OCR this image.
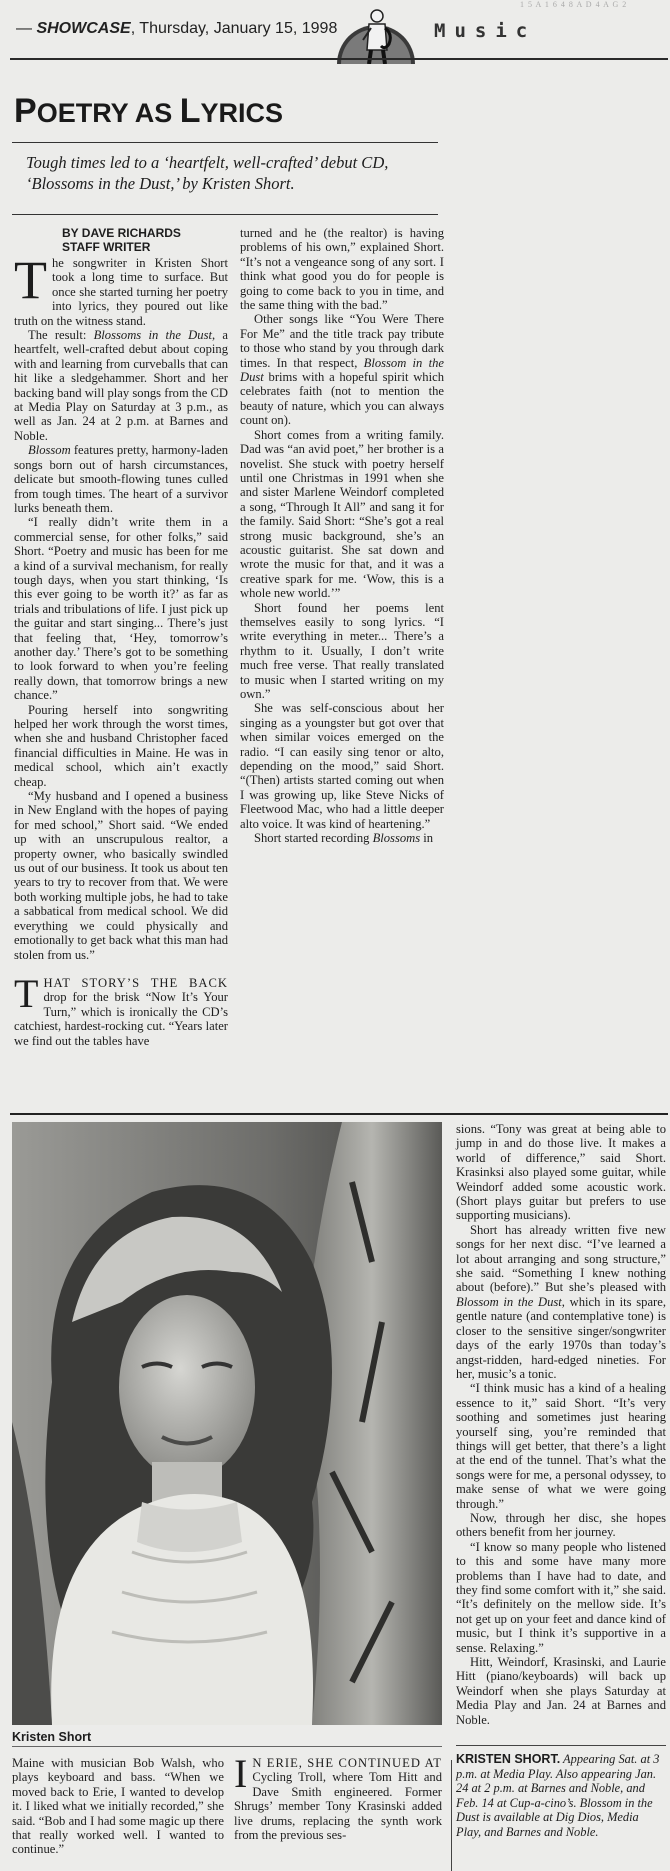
1 5 A 1 6 4 8 A D 4 A G 2
— SHOWCASE, Thursday, January 15, 1998	Music
POETRY AS LYRICS
Tough times led to a ‘heartfelt, well-crafted’ debut CD, ‘Blossoms in the Dust,’ by Kristen Short.
BY DAVE RICHARDS
STAFF WRITER

The songwriter in Kristen Short took a long time to surface. But once she started turning her poetry into lyrics, they poured out like truth on the witness stand.

The result: Blossoms in the Dust, a heartfelt, well-crafted debut about coping with and learning from curveballs that can hit like a sledgehammer. Short and her backing band will play songs from the CD at Media Play on Saturday at 3 p.m., as well as Jan. 24 at 2 p.m. at Barnes and Noble.

Blossom features pretty, harmony-laden songs born out of harsh circumstances, delicate but smooth-flowing tunes culled from tough times. The heart of a survivor lurks beneath them.

“I really didn’t write them in a commercial sense, for other folks,” said Short. “Poetry and music has been for me a kind of a survival mechanism, for really tough days, when you start thinking, ‘Is this ever going to be worth it?’ as far as trials and tribulations of life. I just pick up the guitar and start singing... There’s just that feeling that, ‘Hey, tomorrow’s another day.’ There’s got to be something to look forward to when you’re feeling really down, that tomorrow brings a new chance.”

Pouring herself into songwriting helped her work through the worst times, when she and husband Christopher faced financial difficulties in Maine. He was in medical school, which ain’t exactly cheap.

“My husband and I opened a business in New England with the hopes of paying for med school,” Short said. “We ended up with an unscrupulous realtor, a property owner, who basically swindled us out of our business. It took us about ten years to try to recover from that. We were both working multiple jobs, he had to take a sabbatical from medical school. We did everything we could physically and emotionally to get back what this man had stolen from us.”

THAT STORY’S THE BACK drop for the brisk “Now It’s Your Turn,” which is ironically the CD’s catchiest, hardest-rocking cut. “Years later we find out the tables have

turned and he (the realtor) is having problems of his own,” explained Short. “It’s not a vengeance song of any sort. I think what good you do for people is going to come back to you in time, and the same thing with the bad.”

Other songs like “You Were There For Me” and the title track pay tribute to those who stand by you through dark times. In that respect, Blossom in the Dust brims with a hopeful spirit which celebrates faith (not to mention the beauty of nature, which you can always count on).

Short comes from a writing family. Dad was “an avid poet,” her brother is a novelist. She stuck with poetry herself until one Christmas in 1991 when she and sister Marlene Weindorf completed a song, “Through It All” and sang it for the family. Said Short: “She’s got a real strong music background, she’s an acoustic guitarist. She sat down and wrote the music for that, and it was a creative spark for me. ‘Wow, this is a whole new world.’”

Short found her poems lent themselves easily to song lyrics. “I write everything in meter... There’s a rhythm to it. Usually, I don’t write much free verse. That really translated to music when I started writing on my own.”

She was self-conscious about her singing as a youngster but got over that when similar voices emerged on the radio. “I can easily sing tenor or alto, depending on the mood,” said Short. “(Then) artists started coming out when I was growing up, like Steve Nicks of Fleetwood Mac, who had a little deeper alto voice. It was kind of heartening.”

Short started recording Blossoms in

Kristen Short

sions. “Tony was great at being able to jump in and do those live. It makes a world of difference,” said Short. Krasinksi also played some guitar, while Weindorf added some acoustic work. (Short plays guitar but prefers to use supporting musicians).

Short has already written five new songs for her next disc. “I’ve learned a lot about arranging and song structure,” she said. “Something I knew nothing about (before).” But she’s pleased with Blossom in the Dust, which in its spare, gentle nature (and contemplative tone) is closer to the sensitive singer/songwriter days of the early 1970s than today’s angst-ridden, hard-edged nineties. For her, music’s a tonic.

“I think music has a kind of a healing essence to it,” said Short. “It’s very soothing and sometimes just hearing yourself sing, you’re reminded that things will get better, that there’s a light at the end of the tunnel. That’s what the songs were for me, a personal odyssey, to make sense of what we were going through.”

Now, through her disc, she hopes others benefit from her journey.

“I know so many people who listened to this and some have many more problems than I have had to date, and they find some comfort with it,” she said. “It’s definitely on the mellow side. It’s not get up on your feet and dance kind of music, but I think it’s supportive in a sense. Relaxing.”

Hitt, Weindorf, Krasinski, and Laurie Hitt (piano/keyboards) will back up Weindorf when she plays Saturday at Media Play and Jan. 24 at Barnes and Noble.

Maine with musician Bob Walsh, who plays keyboard and bass. “When we moved back to Erie, I wanted to develop it. I liked what we initially recorded,” she said. “Bob and I had some magic up there that really worked well. I wanted to continue.”

I N ERIE, SHE CONTINUED AT Cycling Troll, where Tom Hitt and Dave Smith engineered. Former Shrugs’ member Tony Krasinski added live drums, replacing the synth work from the previous ses-

KRISTEN SHORT. Appearing Sat. at 3 p.m. at Media Play. Also appearing Jan. 24 at 2 p.m. at Barnes and Noble, and Feb. 14 at Cup-a-cino’s. Blossom in the Dust is available at Dig Dios, Media Play, and Barnes and Noble.
